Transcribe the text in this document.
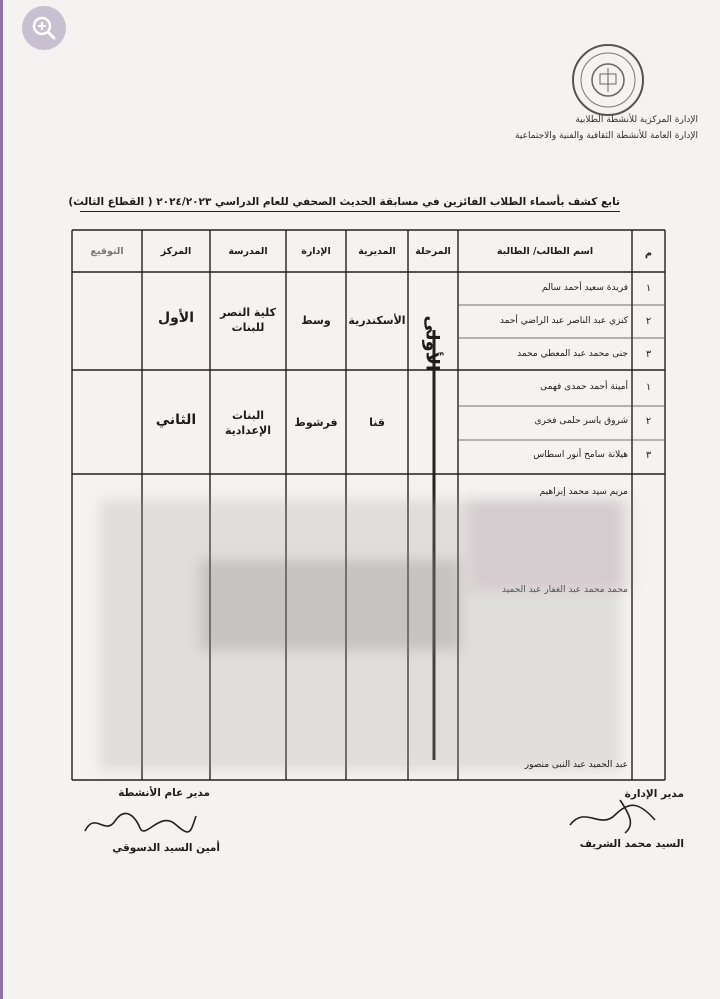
الإدارة المركزية للأنشطة الطلابية
الإدارة العامة للأنشطة الثقافية والفنية والاجتماعية
تابع كشف بأسماء الطلاب الفائزين في مسابقة الحديث الصحفي للعام الدراسي ٢٠٢٤/٢٠٢٣ ( القطاع الثالث)
م
اسم الطالب/ الطالبة
المرحلة
المديرية
الإدارة
المدرسة
المركز
التوقيع
١
فريدة سعيد أحمد سالم
٢
كنزي عبد الناصر عبد الراضي أحمد
٣
جنى محمد عبد المعطي محمد
الأسكندرية
وسط
كلية النصر للبنات
الأول
١
أمينة أحمد حمدى فهمى
٢
شروق ياسر حلمى فخرى
٣
هيلانة سامح أنور اسطاس
قنا
فرشوط
البنات الإعدادية
الثاني
الأولى
مريم سيد محمد إبراهيم
محمد محمد عبد الغفار عبد الحميد
عبد الحميد عبد النبى منصور
مدير عام الأنشطة
أمين السيد الدسوقي
مدير الإدارة
السيد محمد الشريف
